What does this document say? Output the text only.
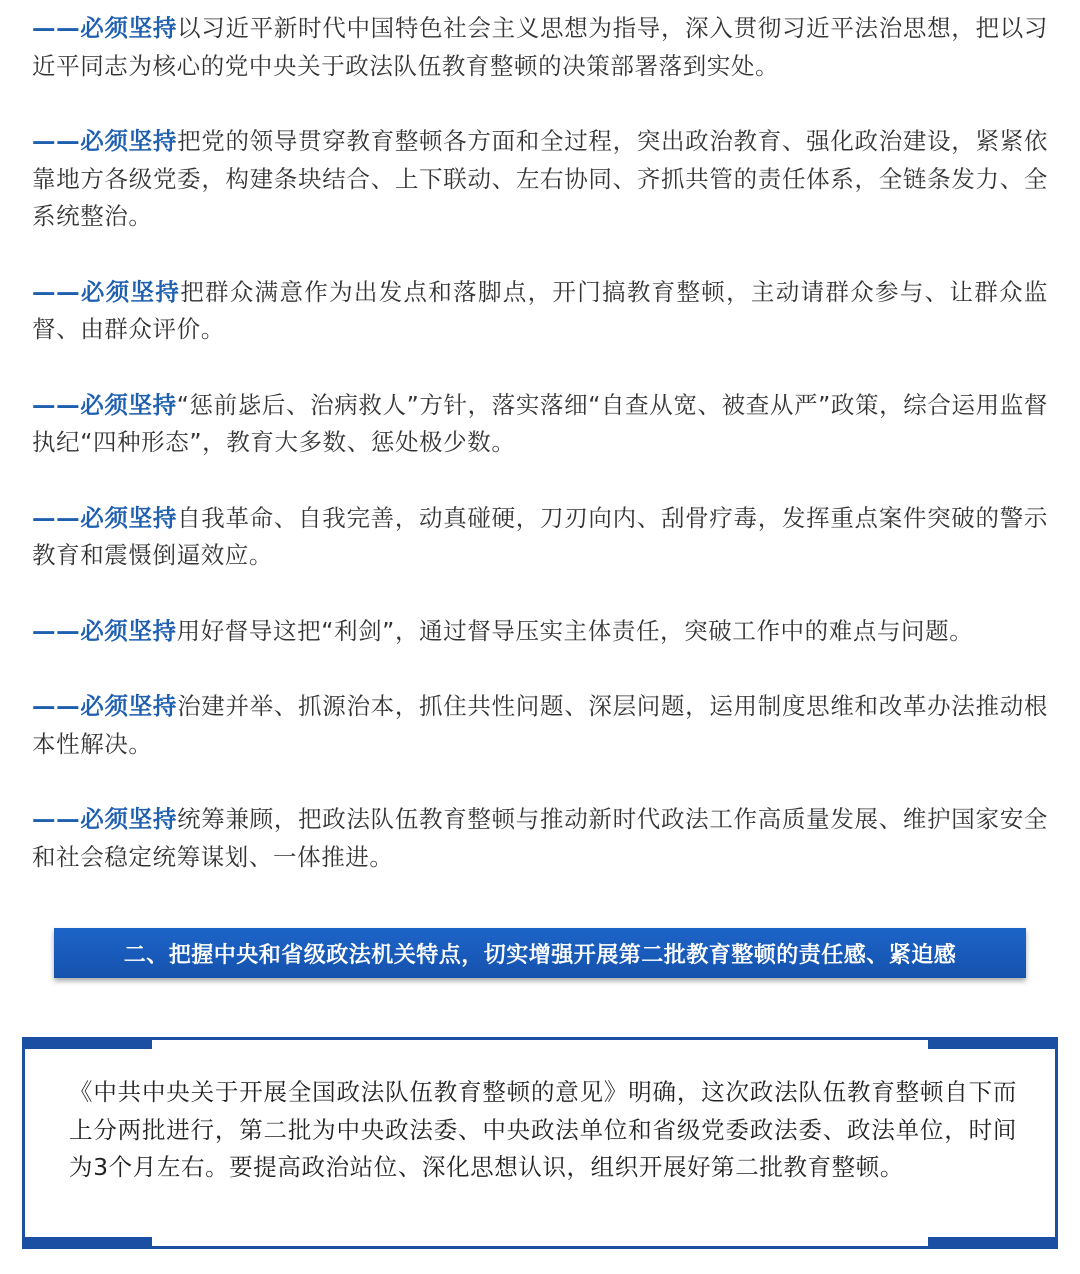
——必须坚持以习近平新时代中国特色社会主义思想为指导，深入贯彻习近平法治思想，把以习近平同志为核心的党中央关于政法队伍教育整顿的决策部署落到实处。

——必须坚持把党的领导贯穿教育整顿各方面和全过程，突出政治教育、强化政治建设，紧紧依靠地方各级党委，构建条块结合、上下联动、左右协同、齐抓共管的责任体系，全链条发力、全系统整治。

——必须坚持把群众满意作为出发点和落脚点，开门搞教育整顿，主动请群众参与、让群众监督、由群众评价。

——必须坚持“惩前毖后、治病救人”方针，落实落细“自查从宽、被查从严”政策，综合运用监督执纪“四种形态”，教育大多数、惩处极少数。

——必须坚持自我革命、自我完善，动真碰硬，刀刃向内、刮骨疗毒，发挥重点案件突破的警示教育和震慑倒逼效应。

——必须坚持用好督导这把“利剑”，通过督导压实主体责任，突破工作中的难点与问题。

——必须坚持治建并举、抓源治本，抓住共性问题、深层问题，运用制度思维和改革办法推动根本性解决。

——必须坚持统筹兼顾，把政法队伍教育整顿与推动新时代政法工作高质量发展、维护国家安全和社会稳定统筹谋划、一体推进。

二、把握中央和省级政法机关特点，切实增强开展第二批教育整顿的责任感、紧迫感

《中共中央关于开展全国政法队伍教育整顿的意见》明确，这次政法队伍教育整顿自下而上分两批进行，第二批为中央政法委、中央政法单位和省级党委政法委、政法单位，时间为3个月左右。要提高政治站位、深化思想认识，组织开展好第二批教育整顿。
